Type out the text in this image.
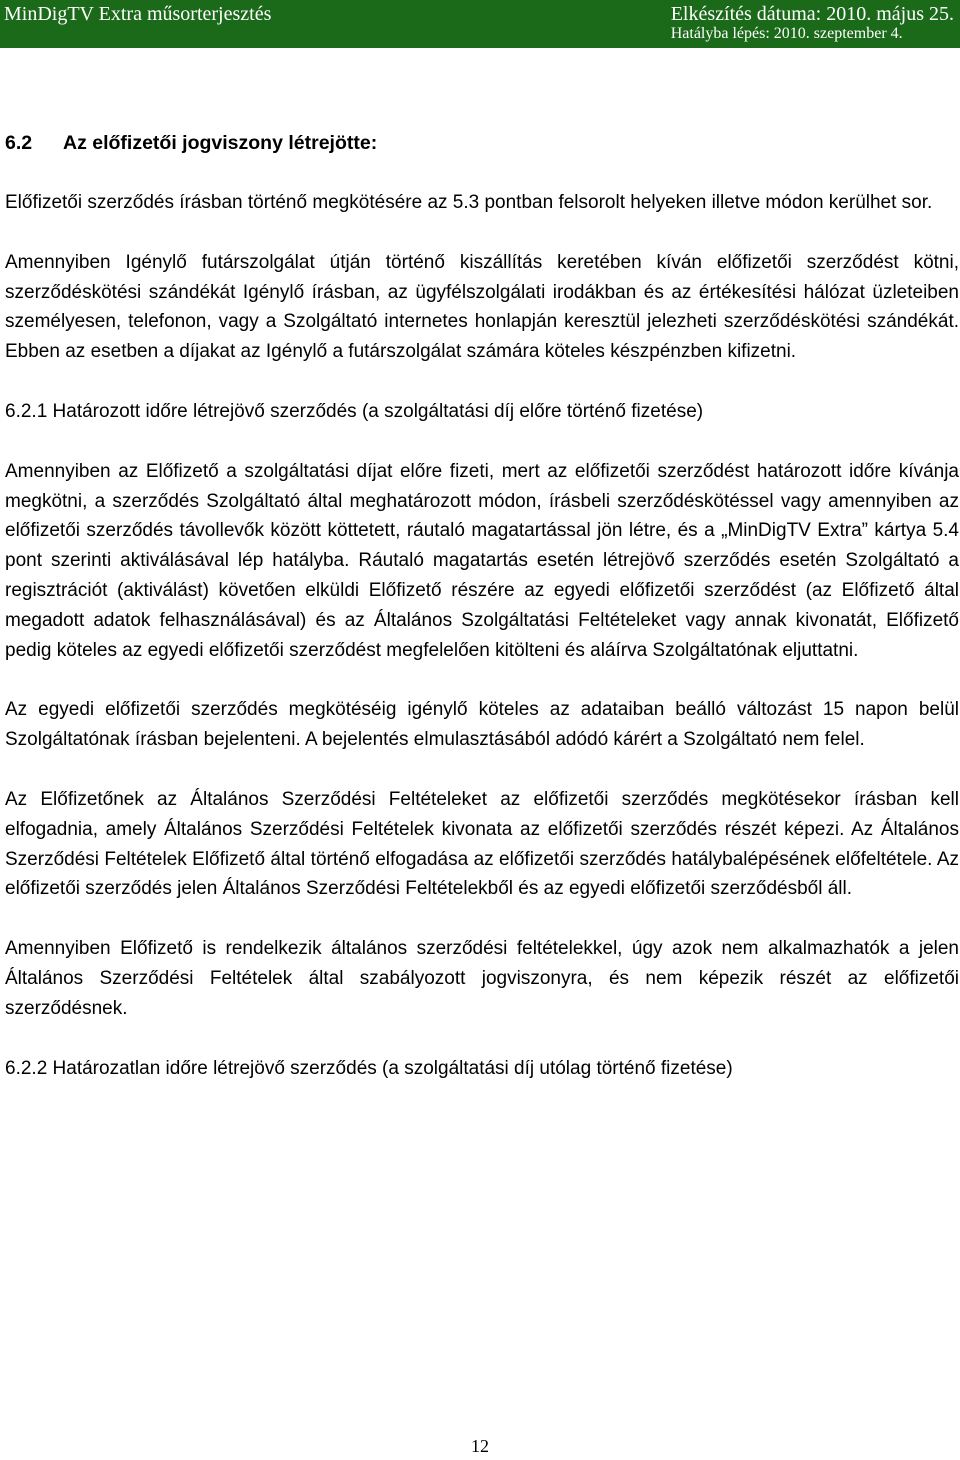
MinDigTV Extra műsorterjesztés	Elkészítés dátuma: 2010. május 25.
Hatályba lépés: 2010. szeptember 4.
6.2 Az előfizetői jogviszony létrejötte:

Előfizetői szerződés írásban történő megkötésére az 5.3 pontban felsorolt helyeken illetve módon kerülhet sor.

Amennyiben Igénylő futárszolgálat útján történő kiszállítás keretében kíván előfizetői szerződést kötni, szerződéskötési szándékát Igénylő írásban, az ügyfélszolgálati irodákban és az értékesítési hálózat üzleteiben személyesen, telefonon, vagy a Szolgáltató internetes honlapján keresztül jelezheti szerződéskötési szándékát. Ebben az esetben a díjakat az Igénylő a futárszolgálat számára köteles készpénzben kifizetni.

6.2.1 Határozott időre létrejövő szerződés (a szolgáltatási díj előre történő fizetése)

Amennyiben az Előfizető a szolgáltatási díjat előre fizeti, mert az előfizetői szerződést határozott időre kívánja megkötni, a szerződés Szolgáltató által meghatározott módon, írásbeli szerződéskötéssel vagy amennyiben az előfizetői szerződés távollevők között köttetett, ráutaló magatartással jön létre, és a „MinDigTV Extra” kártya 5.4 pont szerinti aktiválásával lép hatályba. Ráutaló magatartás esetén létrejövő szerződés esetén Szolgáltató a regisztrációt (aktiválást) követően elküldi Előfizető részére az egyedi előfizetői szerződést (az Előfizető által megadott adatok felhasználásával) és az Általános Szolgáltatási Feltételeket vagy annak kivonatát, Előfizető pedig köteles az egyedi előfizetői szerződést megfelelően kitölteni és aláírva Szolgáltatónak eljuttatni.

Az egyedi előfizetői szerződés megkötéséig igénylő köteles az adataiban beálló változást 15 napon belül Szolgáltatónak írásban bejelenteni. A bejelentés elmulasztásából adódó kárért a Szolgáltató nem felel.

Az Előfizetőnek az Általános Szerződési Feltételeket az előfizetői szerződés megkötésekor írásban kell elfogadnia, amely Általános Szerződési Feltételek kivonata az előfizetői szerződés részét képezi. Az Általános Szerződési Feltételek Előfizető által történő elfogadása az előfizetői szerződés hatálybalépésének előfeltétele. Az előfizetői szerződés jelen Általános Szerződési Feltételekből és az egyedi előfizetői szerződésből áll.

Amennyiben Előfizető is rendelkezik általános szerződési feltételekkel, úgy azok nem alkalmazhatók a jelen Általános Szerződési Feltételek által szabályozott jogviszonyra, és nem képezik részét az előfizetői szerződésnek.

6.2.2 Határozatlan időre létrejövő szerződés (a szolgáltatási díj utólag történő fizetése)

12
